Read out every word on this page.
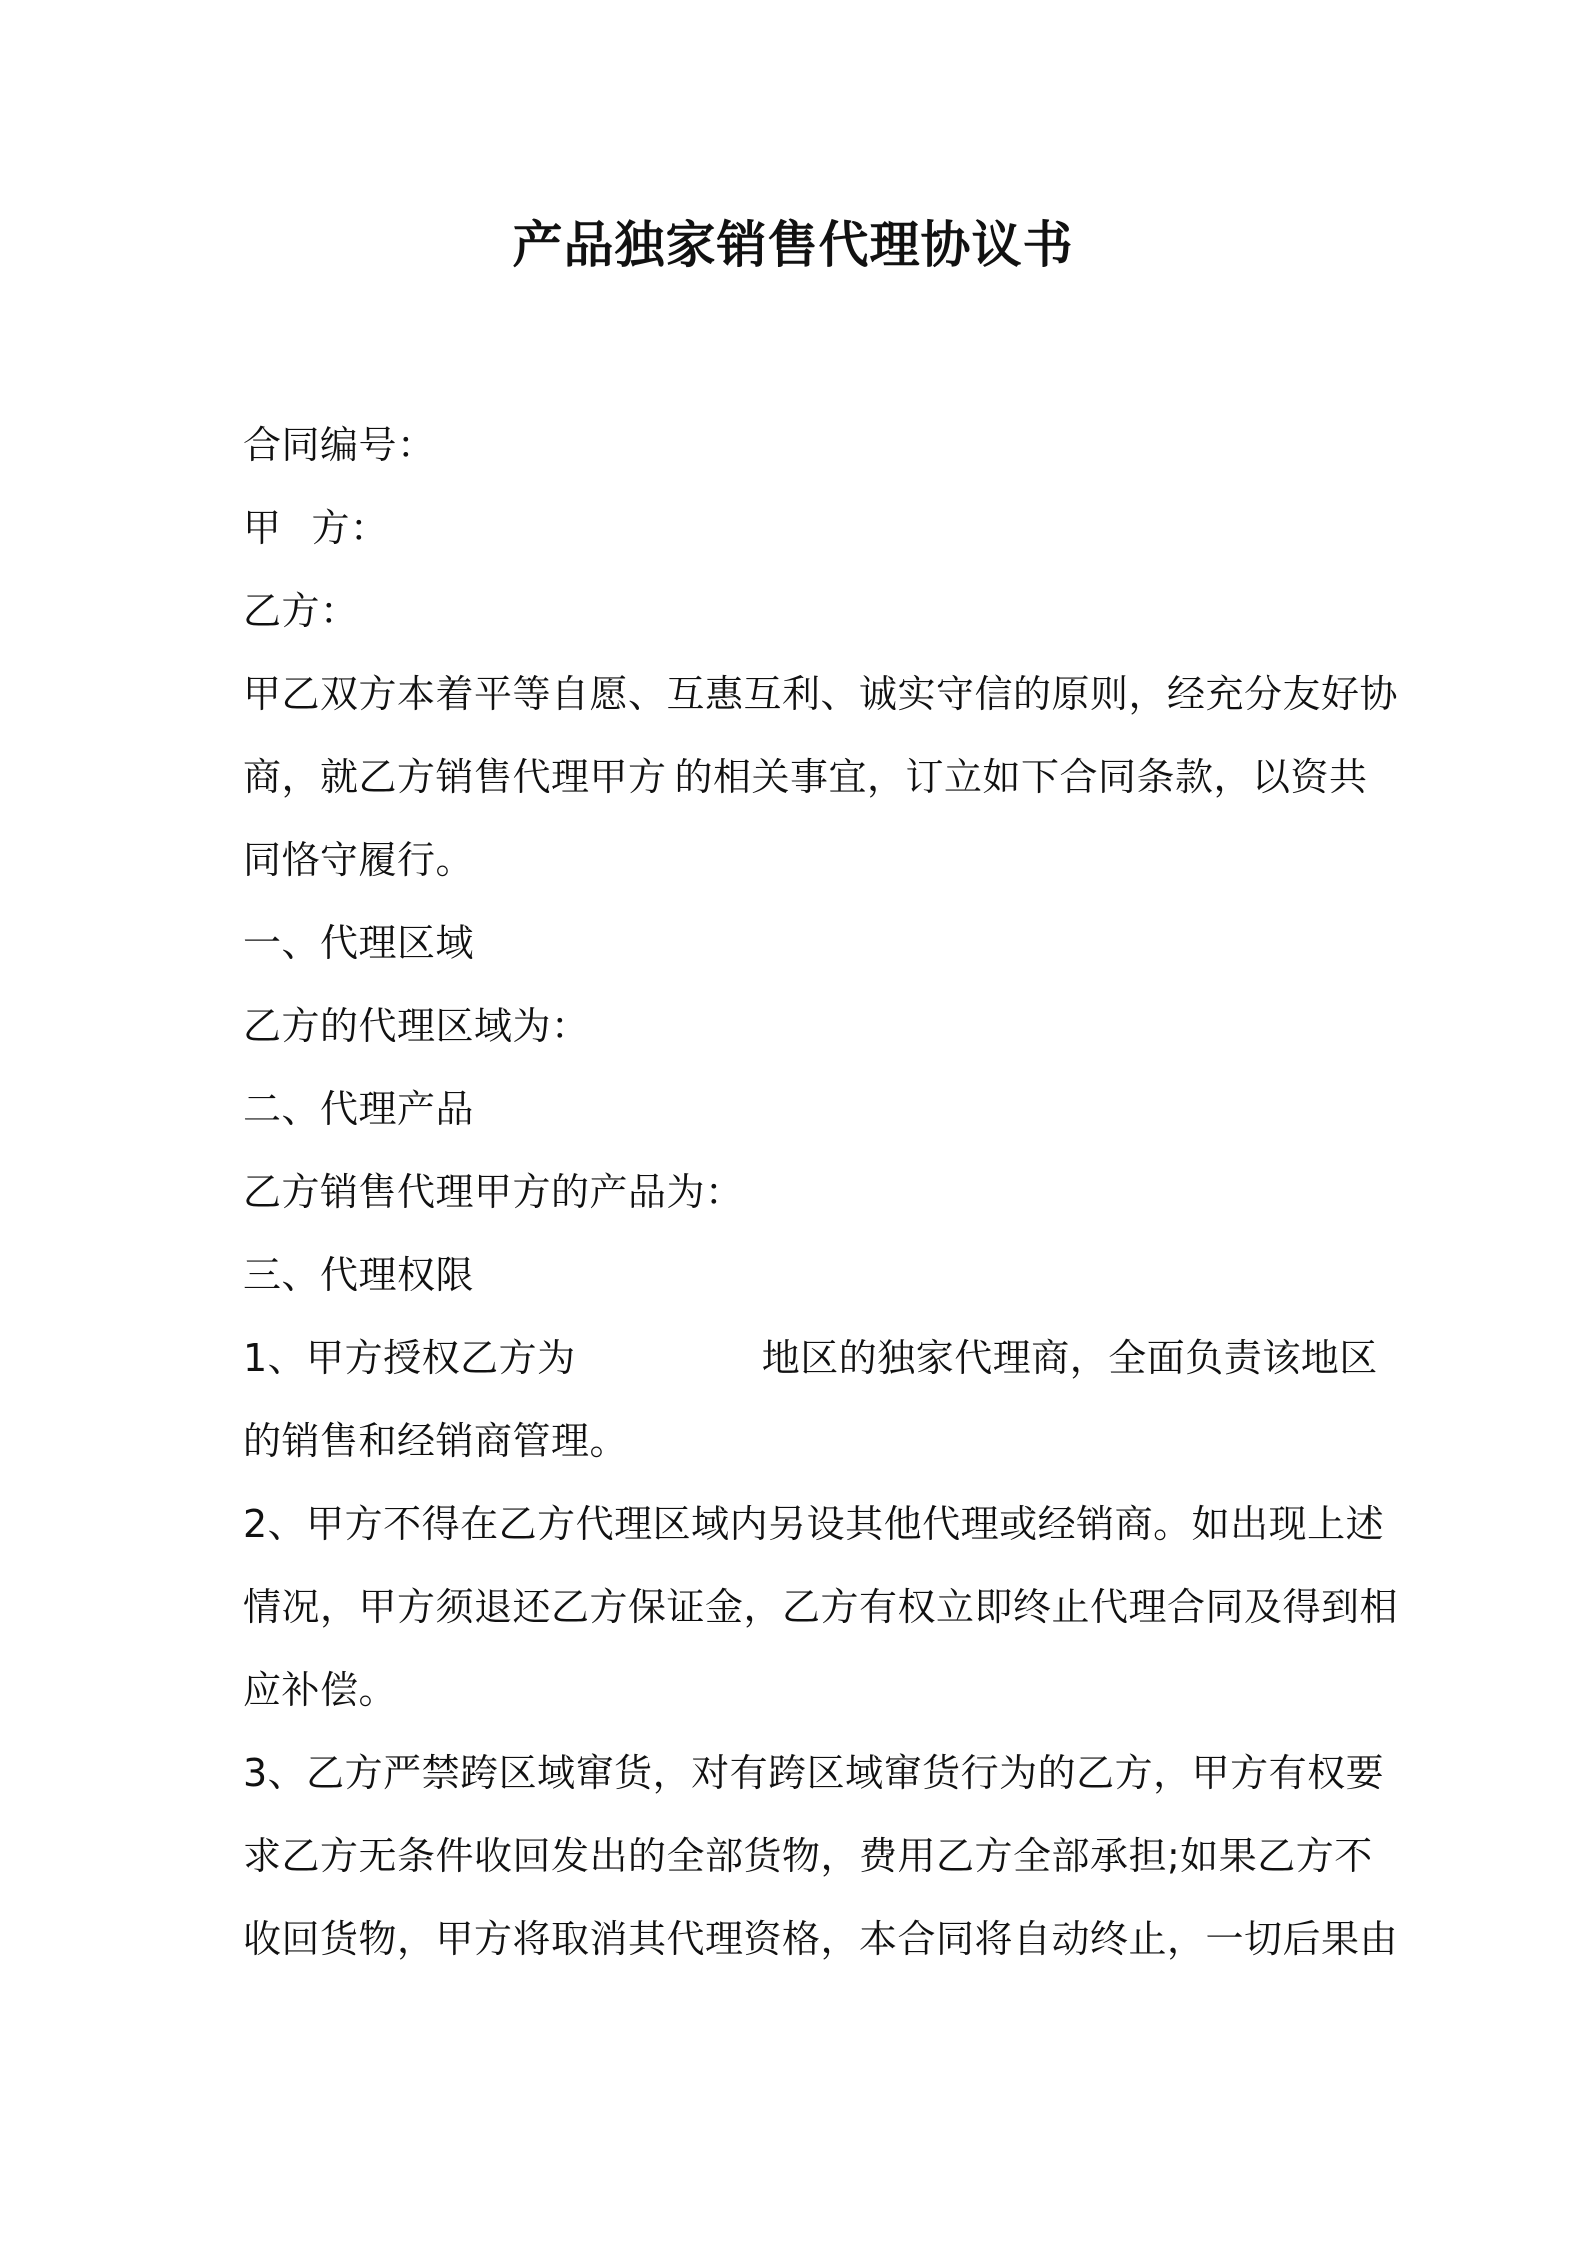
产品独家销售代理协议书
合同编号：
甲 方：
乙方：
甲乙双方本着平等自愿、互惠互利、诚实守信的原则，经充分友好协
商，就乙方销售代理甲方 的相关事宜，订立如下合同条款，以资共
同恪守履行。
一、代理区域
乙方的代理区域为：
二、代理产品
乙方销售代理甲方的产品为：
三、代理权限
1、甲方授权乙方为	地区的独家代理商，全面负责该地区
的销售和经销商管理。
2、甲方不得在乙方代理区域内另设其他代理或经销商。如出现上述
情况，甲方须退还乙方保证金，乙方有权立即终止代理合同及得到相
应补偿。
3、乙方严禁跨区域窜货，对有跨区域窜货行为的乙方，甲方有权要
求乙方无条件收回发出的全部货物，费用乙方全部承担;如果乙方不
收回货物，甲方将取消其代理资格，本合同将自动终止，一切后果由
